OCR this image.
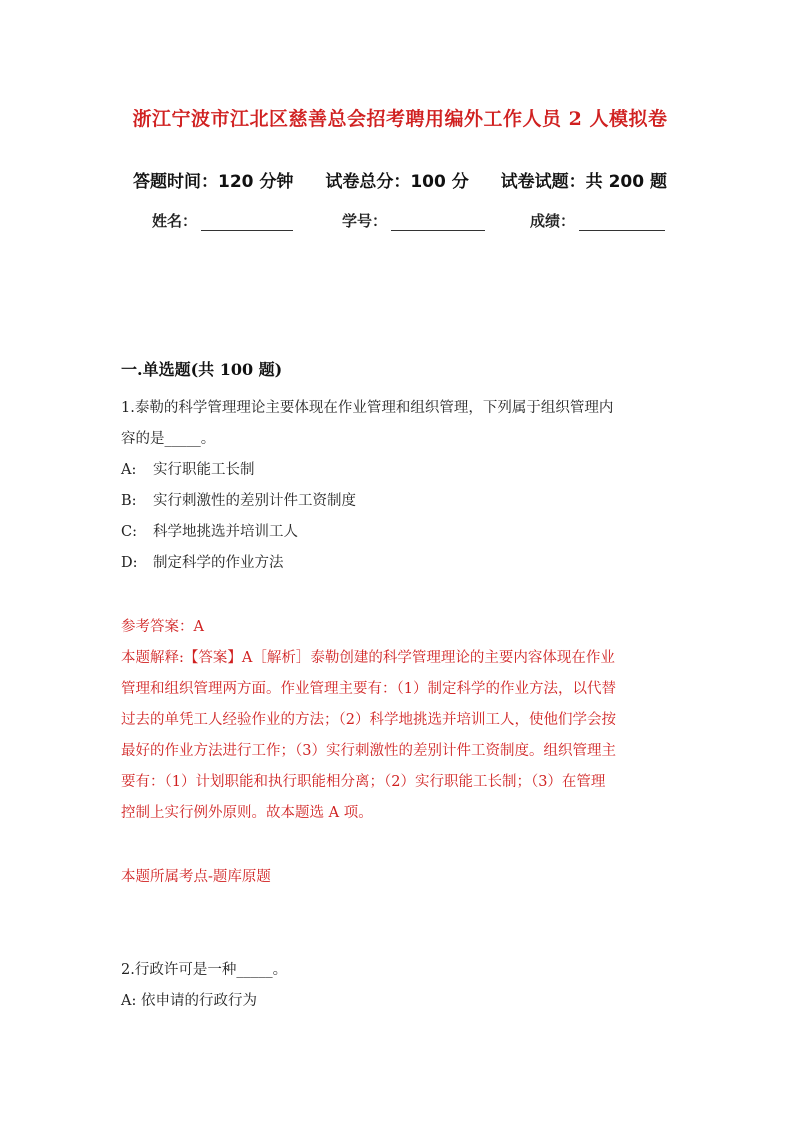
浙江宁波市江北区慈善总会招考聘用编外工作人员 2 人模拟卷
答题时间：120 分钟 试卷总分：100 分 试卷试题：共 200 题
姓名：	学号：	成绩：
一.单选题(共 100 题)
1.泰勒的科学管理理论主要体现在作业管理和组织管理，下列属于组织管理内
容的是_____。
A: 实行职能工长制
B: 实行刺激性的差别计件工资制度
C: 科学地挑选并培训工人
D: 制定科学的作业方法
参考答案：A
本题解释:【答案】A［解析］泰勒创建的科学管理理论的主要内容体现在作业
管理和组织管理两方面。作业管理主要有：（1）制定科学的作业方法，以代替
过去的单凭工人经验作业的方法；（2）科学地挑选并培训工人，使他们学会按
最好的作业方法进行工作；（3）实行刺激性的差别计件工资制度。组织管理主
要有：（1）计划职能和执行职能相分离；（2）实行职能工长制；（3）在管理
控制上实行例外原则。故本题选 A 项。
本题所属考点-题库原题
2.行政许可是一种_____。
A: 依申请的行政行为
